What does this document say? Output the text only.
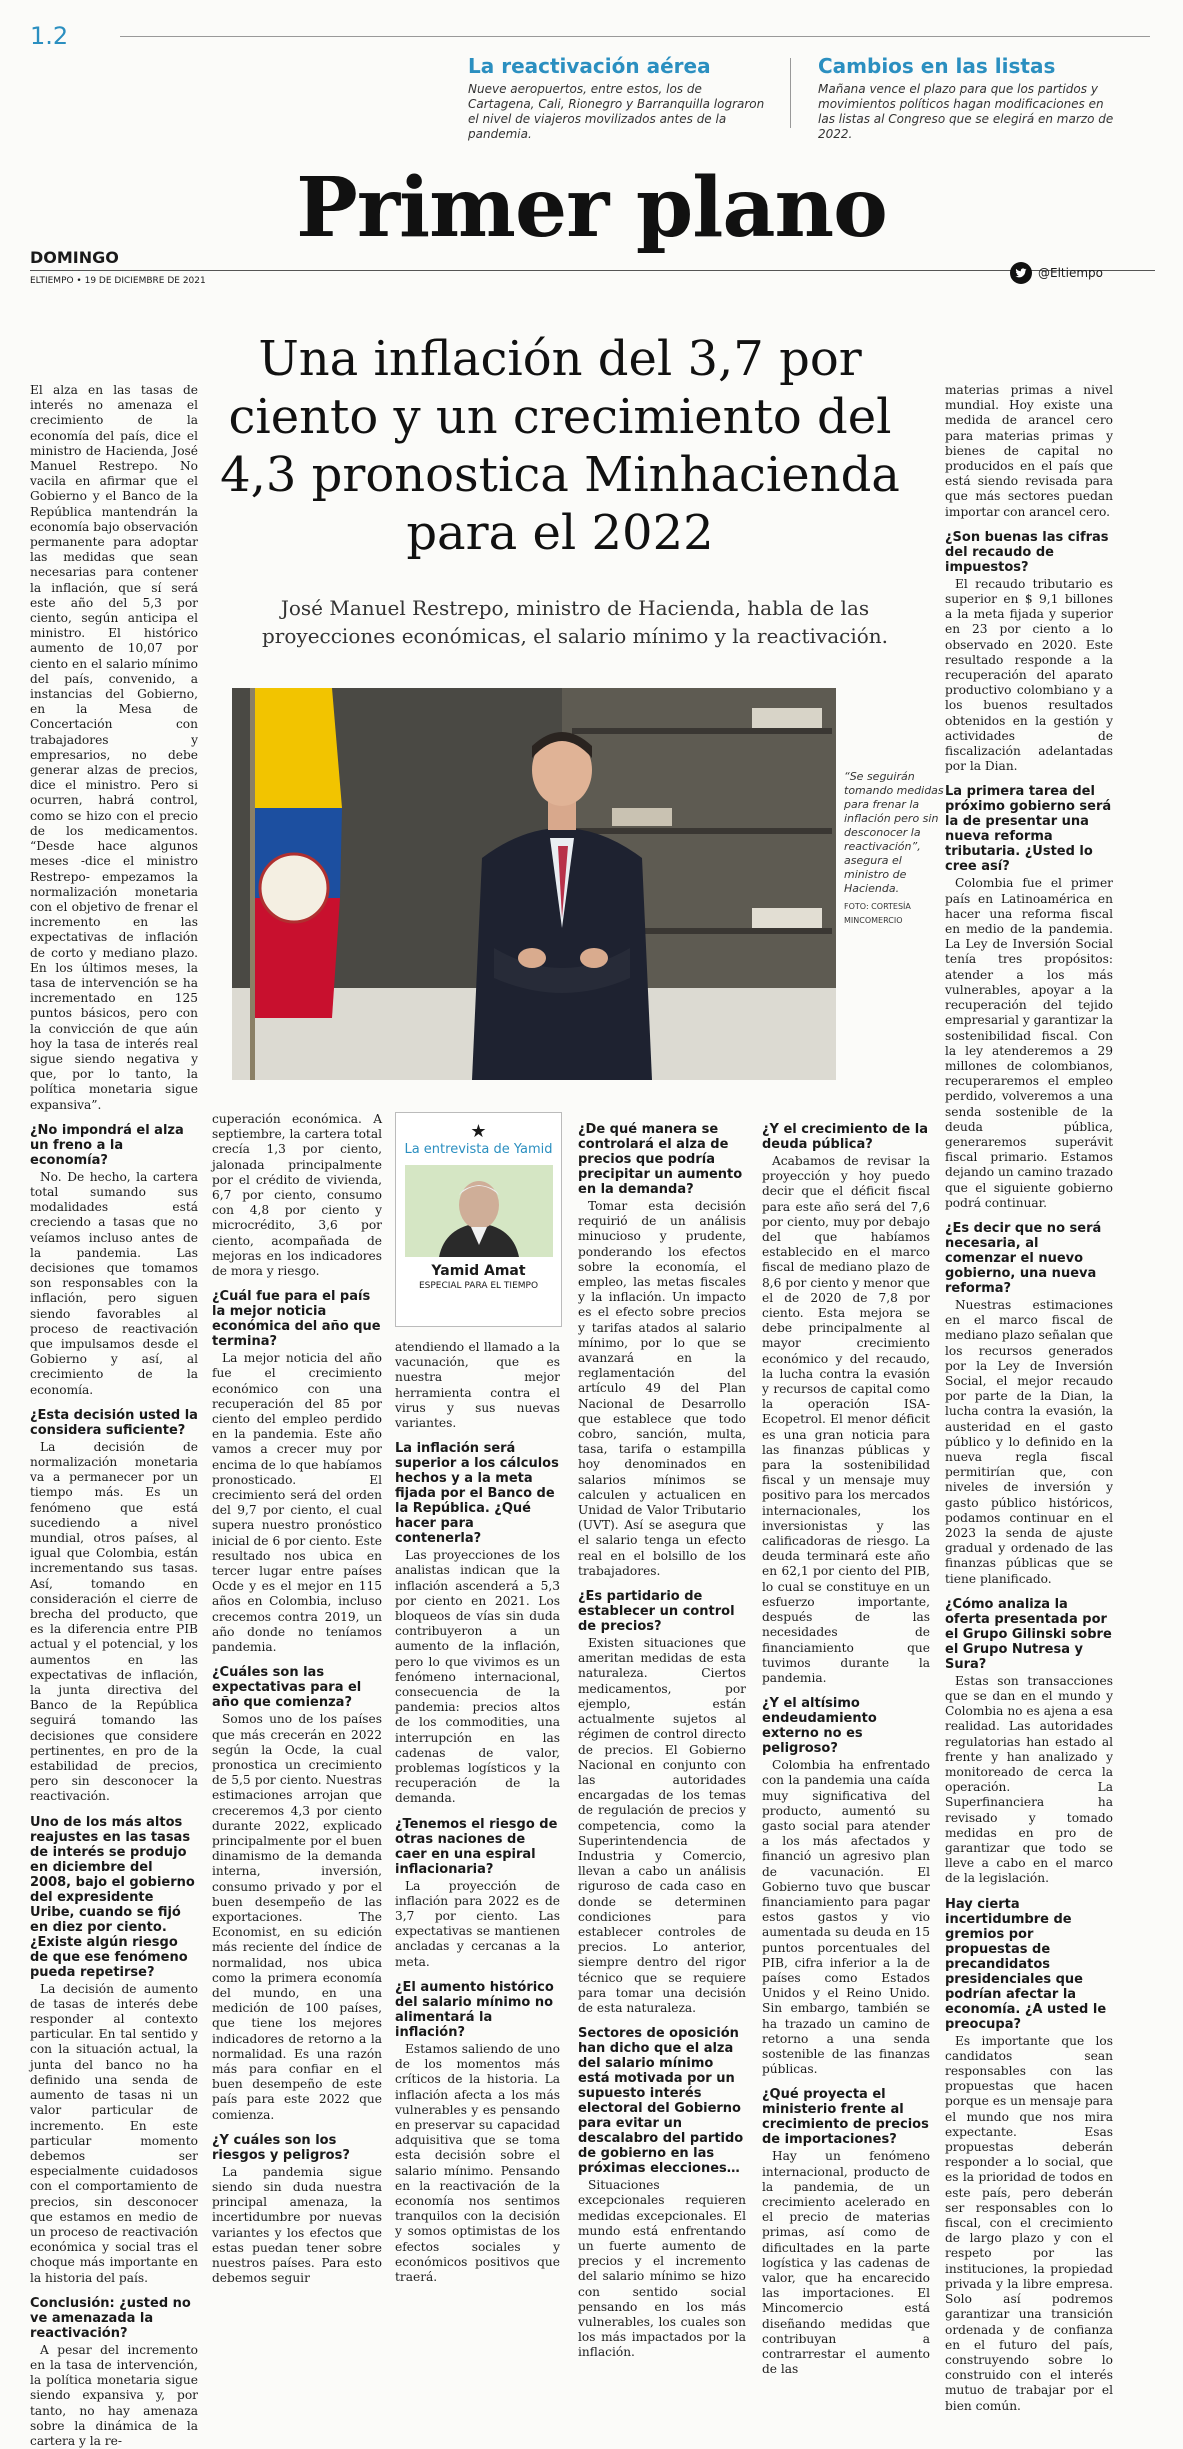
1.2
La reactivación aérea

Nueve aeropuertos, entre estos, los de Cartagena, Cali, Rionegro y Barranquilla lograron el nivel de viajeros movilizados antes de la pandemia.

Cambios en las listas

Mañana vence el plazo para que los partidos y movimientos políticos hagan modificaciones en las listas al Congreso que se elegirá en marzo de 2022.

Primer plano
DOMINGO
ELTIEMPO • 19 DE DICIEMBRE DE 2021
@Eltiempo
Una inflación del 3,7 por ciento y un crecimiento del 4,3 pronostica Minhacienda para el 2022
José Manuel Restrepo, ministro de Hacienda, habla de las proyecciones económicas, el salario mínimo y la reactivación.
“Se seguirán tomando medidas para frenar la inflación pero sin desconocer la reactivación”, asegura el ministro de Hacienda.
FOTO: CORTESÍA MINCOMERCIO
★
La entrevista de Yamid
Yamid Amat
ESPECIAL PARA EL TIEMPO

El alza en las tasas de interés no amenaza el crecimiento de la economía del país, dice el ministro de Hacienda, José Manuel Restrepo. No vacila en afirmar que el Gobierno y el Banco de la República mantendrán la economía bajo observación permanente para adoptar las medidas que sean necesarias para contener la inflación, que sí será este año del 5,3 por ciento, según anticipa el ministro. El histórico aumento de 10,07 por ciento en el salario mínimo del país, convenido, a instancias del Gobierno, en la Mesa de Concertación con trabajadores y empresarios, no debe generar alzas de precios, dice el ministro. Pero si ocurren, habrá control, como se hizo con el precio de los medicamentos. “Desde hace algunos meses -dice el ministro Restrepo- empezamos la normalización monetaria con el objetivo de frenar el incremento en las expectativas de inflación de corto y mediano plazo. En los últimos meses, la tasa de intervención se ha incrementado en 125 puntos básicos, pero con la convicción de que aún hoy la tasa de interés real sigue siendo negativa y que, por lo tanto, la política monetaria sigue expansiva”.

¿No impondrá el alza un freno a la economía?

No. De hecho, la cartera total sumando sus modalidades está creciendo a tasas que no veíamos incluso antes de la pandemia. Las decisiones que tomamos son responsables con la inflación, pero siguen siendo favorables al proceso de reactivación que impulsamos desde el Gobierno y así, al crecimiento de la economía.

¿Esta decisión usted la considera suficiente?

La decisión de normalización monetaria va a permanecer por un tiempo más. Es un fenómeno que está sucediendo a nivel mundial, otros países, al igual que Colombia, están incrementando sus tasas. Así, tomando en consideración el cierre de brecha del producto, que es la diferencia entre PIB actual y el potencial, y los aumentos en las expectativas de inflación, la junta directiva del Banco de la República seguirá tomando las decisiones que considere pertinentes, en pro de la estabilidad de precios, pero sin desconocer la reactivación.

Uno de los más altos reajustes en las tasas de interés se produjo en diciembre del 2008, bajo el gobierno del expresidente Uribe, cuando se fijó en diez por ciento. ¿Existe algún riesgo de que ese fenómeno pueda repetirse?

La decisión de aumento de tasas de interés debe responder al contexto particular. En tal sentido y con la situación actual, la junta del banco no ha definido una senda de aumento de tasas ni un valor particular de incremento. En este particular momento debemos ser especialmente cuidadosos con el comportamiento de precios, sin desconocer que estamos en medio de un proceso de reactivación económica y social tras el choque más importante en la historia del país.

Conclusión: ¿usted no ve amenazada la reactivación?

A pesar del incremento en la tasa de intervención, la política monetaria sigue siendo expansiva y, por tanto, no hay amenaza sobre la dinámica de la cartera y la re-

cuperación económica. A septiembre, la cartera total crecía 1,3 por ciento, jalonada principalmente por el crédito de vivienda, 6,7 por ciento, consumo con 4,8 por ciento y microcrédito, 3,6 por ciento, acompañada de mejoras en los indicadores de mora y riesgo.

¿Cuál fue para el país la mejor noticia económica del año que termina?

La mejor noticia del año fue el crecimiento económico con una recuperación del 85 por ciento del empleo perdido en la pandemia. Este año vamos a crecer muy por encima de lo que habíamos pronosticado. El crecimiento será del orden del 9,7 por ciento, el cual supera nuestro pronóstico inicial de 6 por ciento. Este resultado nos ubica en tercer lugar entre países Ocde y es el mejor en 115 años en Colombia, incluso crecemos contra 2019, un año donde no teníamos pandemia.

¿Cuáles son las expectativas para el año que comienza?

Somos uno de los países que más crecerán en 2022 según la Ocde, la cual pronostica un crecimiento de 5,5 por ciento. Nuestras estimaciones arrojan que creceremos 4,3 por ciento durante 2022, explicado principalmente por el buen dinamismo de la demanda interna, inversión, consumo privado y por el buen desempeño de las exportaciones. The Economist, en su edición más reciente del índice de normalidad, nos ubica como la primera economía del mundo, en una medición de 100 países, que tiene los mejores indicadores de retorno a la normalidad. Es una razón más para confiar en el buen desempeño de este país para este 2022 que comienza.

¿Y cuáles son los riesgos y peligros?

La pandemia sigue siendo sin duda nuestra principal amenaza, la incertidumbre por nuevas variantes y los efectos que estas puedan tener sobre nuestros países. Para esto debemos seguir

atendiendo el llamado a la vacunación, que es nuestra mejor herramienta contra el virus y sus nuevas variantes.

La inflación será superior a los cálculos hechos y a la meta fijada por el Banco de la República. ¿Qué hacer para contenerla?

Las proyecciones de los analistas indican que la inflación ascenderá a 5,3 por ciento en 2021. Los bloqueos de vías sin duda contribuyeron a un aumento de la inflación, pero lo que vivimos es un fenómeno internacional, consecuencia de la pandemia: precios altos de los commodities, una interrupción en las cadenas de valor, problemas logísticos y la recuperación de la demanda.

¿Tenemos el riesgo de otras naciones de caer en una espiral inflacionaria?

La proyección de inflación para 2022 es de 3,7 por ciento. Las expectativas se mantienen ancladas y cercanas a la meta.

¿El aumento histórico del salario mínimo no alimentará la inflación?

Estamos saliendo de uno de los momentos más críticos de la historia. La inflación afecta a los más vulnerables y es pensando en preservar su capacidad adquisitiva que se toma esta decisión sobre el salario mínimo. Pensando en la reactivación de la economía nos sentimos tranquilos con la decisión y somos optimistas de los efectos sociales y económicos positivos que traerá.

¿De qué manera se controlará el alza de precios que podría precipitar un aumento en la demanda?

Tomar esta decisión requirió de un análisis minucioso y prudente, ponderando los efectos sobre la economía, el empleo, las metas fiscales y la inflación. Un impacto es el efecto sobre precios y tarifas atados al salario mínimo, por lo que se avanzará en la reglamentación del artículo 49 del Plan Nacional de Desarrollo que establece que todo cobro, sanción, multa, tasa, tarifa o estampilla hoy denominados en salarios mínimos se calculen y actualicen en Unidad de Valor Tributario (UVT). Así se asegura que el salario tenga un efecto real en el bolsillo de los trabajadores.

¿Es partidario de establecer un control de precios?

Existen situaciones que ameritan medidas de esta naturaleza. Ciertos medicamentos, por ejemplo, están actualmente sujetos al régimen de control directo de precios. El Gobierno Nacional en conjunto con las autoridades encargadas de los temas de regulación de precios y competencia, como la Superintendencia de Industria y Comercio, llevan a cabo un análisis riguroso de cada caso en donde se determinen condiciones para establecer controles de precios. Lo anterior, siempre dentro del rigor técnico que se requiere para tomar una decisión de esta naturaleza.

Sectores de oposición han dicho que el alza del salario mínimo está motivada por un supuesto interés electoral del Gobierno para evitar un descalabro del partido de gobierno en las próximas elecciones…

Situaciones excepcionales requieren medidas excepcionales. El mundo está enfrentando un fuerte aumento de precios y el incremento del salario mínimo se hizo con sentido social pensando en los más vulnerables, los cuales son los más impactados por la inflación.

¿Y el crecimiento de la deuda pública?

Acabamos de revisar la proyección y hoy puedo decir que el déficit fiscal para este año será del 7,6 por ciento, muy por debajo del que habíamos establecido en el marco fiscal de mediano plazo de 8,6 por ciento y menor que el de 2020 de 7,8 por ciento. Esta mejora se debe principalmente al mayor crecimiento económico y del recaudo, la lucha contra la evasión y recursos de capital como la operación ISA-Ecopetrol. El menor déficit es una gran noticia para las finanzas públicas y para la sostenibilidad fiscal y un mensaje muy positivo para los mercados internacionales, los inversionistas y las calificadoras de riesgo. La deuda terminará este año en 62,1 por ciento del PIB, lo cual se constituye en un esfuerzo importante, después de las necesidades de financiamiento que tuvimos durante la pandemia.

¿Y el altísimo endeudamiento externo no es peligroso?

Colombia ha enfrentado con la pandemia una caída muy significativa del producto, aumentó su gasto social para atender a los más afectados y financió un agresivo plan de vacunación. El Gobierno tuvo que buscar financiamiento para pagar estos gastos y vio aumentada su deuda en 15 puntos porcentuales del PIB, cifra inferior a la de países como Estados Unidos y el Reino Unido. Sin embargo, también se ha trazado un camino de retorno a una senda sostenible de las finanzas públicas.

¿Qué proyecta el ministerio frente al crecimiento de precios de importaciones?

Hay un fenómeno internacional, producto de la pandemia, de un crecimiento acelerado en el precio de materias primas, así como de dificultades en la parte logística y las cadenas de valor, que ha encarecido las importaciones. El Mincomercio está diseñando medidas que contribuyan a contrarrestar el aumento de las

materias primas a nivel mundial. Hoy existe una medida de arancel cero para materias primas y bienes de capital no producidos en el país que está siendo revisada para que más sectores puedan importar con arancel cero.

¿Son buenas las cifras del recaudo de impuestos?

El recaudo tributario es superior en $ 9,1 billones a la meta fijada y superior en 23 por ciento a lo observado en 2020. Este resultado responde a la recuperación del aparato productivo colombiano y a los buenos resultados obtenidos en la gestión y actividades de fiscalización adelantadas por la Dian.

La primera tarea del próximo gobierno será la de presentar una nueva reforma tributaria. ¿Usted lo cree así?

Colombia fue el primer país en Latinoamérica en hacer una reforma fiscal en medio de la pandemia. La Ley de Inversión Social tenía tres propósitos: atender a los más vulnerables, apoyar a la recuperación del tejido empresarial y garantizar la sostenibilidad fiscal. Con la ley atenderemos a 29 millones de colombianos, recuperaremos el empleo perdido, volveremos a una senda sostenible de la deuda pública, generaremos superávit fiscal primario. Estamos dejando un camino trazado que el siguiente gobierno podrá continuar.

¿Es decir que no será necesaria, al comenzar el nuevo gobierno, una nueva reforma?

Nuestras estimaciones en el marco fiscal de mediano plazo señalan que los recursos generados por la Ley de Inversión Social, el mejor recaudo por parte de la Dian, la lucha contra la evasión, la austeridad en el gasto público y lo definido en la nueva regla fiscal permitirían que, con niveles de inversión y gasto público históricos, podamos continuar en el 2023 la senda de ajuste gradual y ordenado de las finanzas públicas que se tiene planificado.

¿Cómo analiza la oferta presentada por el Grupo Gilinski sobre el Grupo Nutresa y Sura?

Estas son transacciones que se dan en el mundo y Colombia no es ajena a esa realidad. Las autoridades regulatorias han estado al frente y han analizado y monitoreado de cerca la operación. La Superfinanciera ha revisado y tomado medidas en pro de garantizar que todo se lleve a cabo en el marco de la legislación.

Hay cierta incertidumbre de gremios por propuestas de precandidatos presidenciales que podrían afectar la economía. ¿A usted le preocupa?

Es importante que los candidatos sean responsables con las propuestas que hacen porque es un mensaje para el mundo que nos mira expectante. Esas propuestas deberán responder a lo social, que es la prioridad de todos en este país, pero deberán ser responsables con lo fiscal, con el crecimiento de largo plazo y con el respeto por las instituciones, la propiedad privada y la libre empresa. Solo así podremos garantizar una transición ordenada y de confianza en el futuro del país, construyendo sobre lo construido con el interés mutuo de trabajar por el bien común.
